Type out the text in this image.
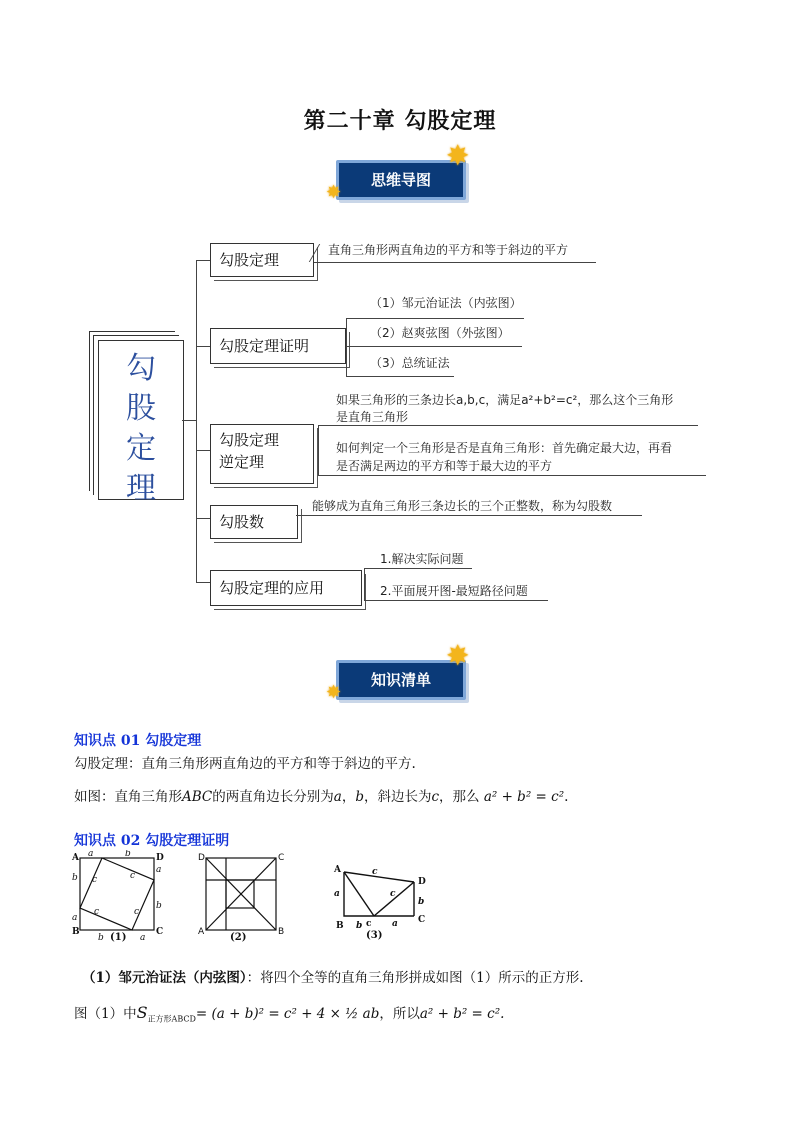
第二十章 勾股定理
思维导图
✸
✸
勾
股
定
理
勾股定理
直角三角形两直角边的平方和等于斜边的平方
勾股定理证明
（1）邹元治证法（内弦图）
（2）赵爽弦图（外弦图）
（3）总统证法
勾股定理
逆定理
如果三角形的三条边长a,b,c，满足a²+b²=c²，那么这个三角形
是直角三角形
如何判定一个三角形是否是直角三角形：首先确定最大边，再看
是否满足两边的平方和等于最大边的平方
勾股数
能够成为直角三角形三条边长的三个正整数，称为勾股数
勾股定理的应用
1.解决实际问题
2.平面展开图-最短路径问题
知识清单
✸
✸
知识点 01 勾股定理
勾股定理：直角三角形两直角边的平方和等于斜边的平方.
如图：直角三角形ABC的两直角边长分别为a，b，斜边长为c，那么 a² + b² = c².
知识点 02 勾股定理证明
a	b
b
a
a
b
b	a
c	c
c	c
A	D
B	C
(1)
D	C
A	B
(2)
A
D
B
C
a
b	a
b
c
c
c
(3)
（1）邹元治证法（内弦图）：将四个全等的直角三角形拼成如图（1）所示的正方形.
图（1）中$S_{正方形ABCD}= (a + b)^2 = c^2 + 4$ × ½ ab，所以a² + b² = c².
